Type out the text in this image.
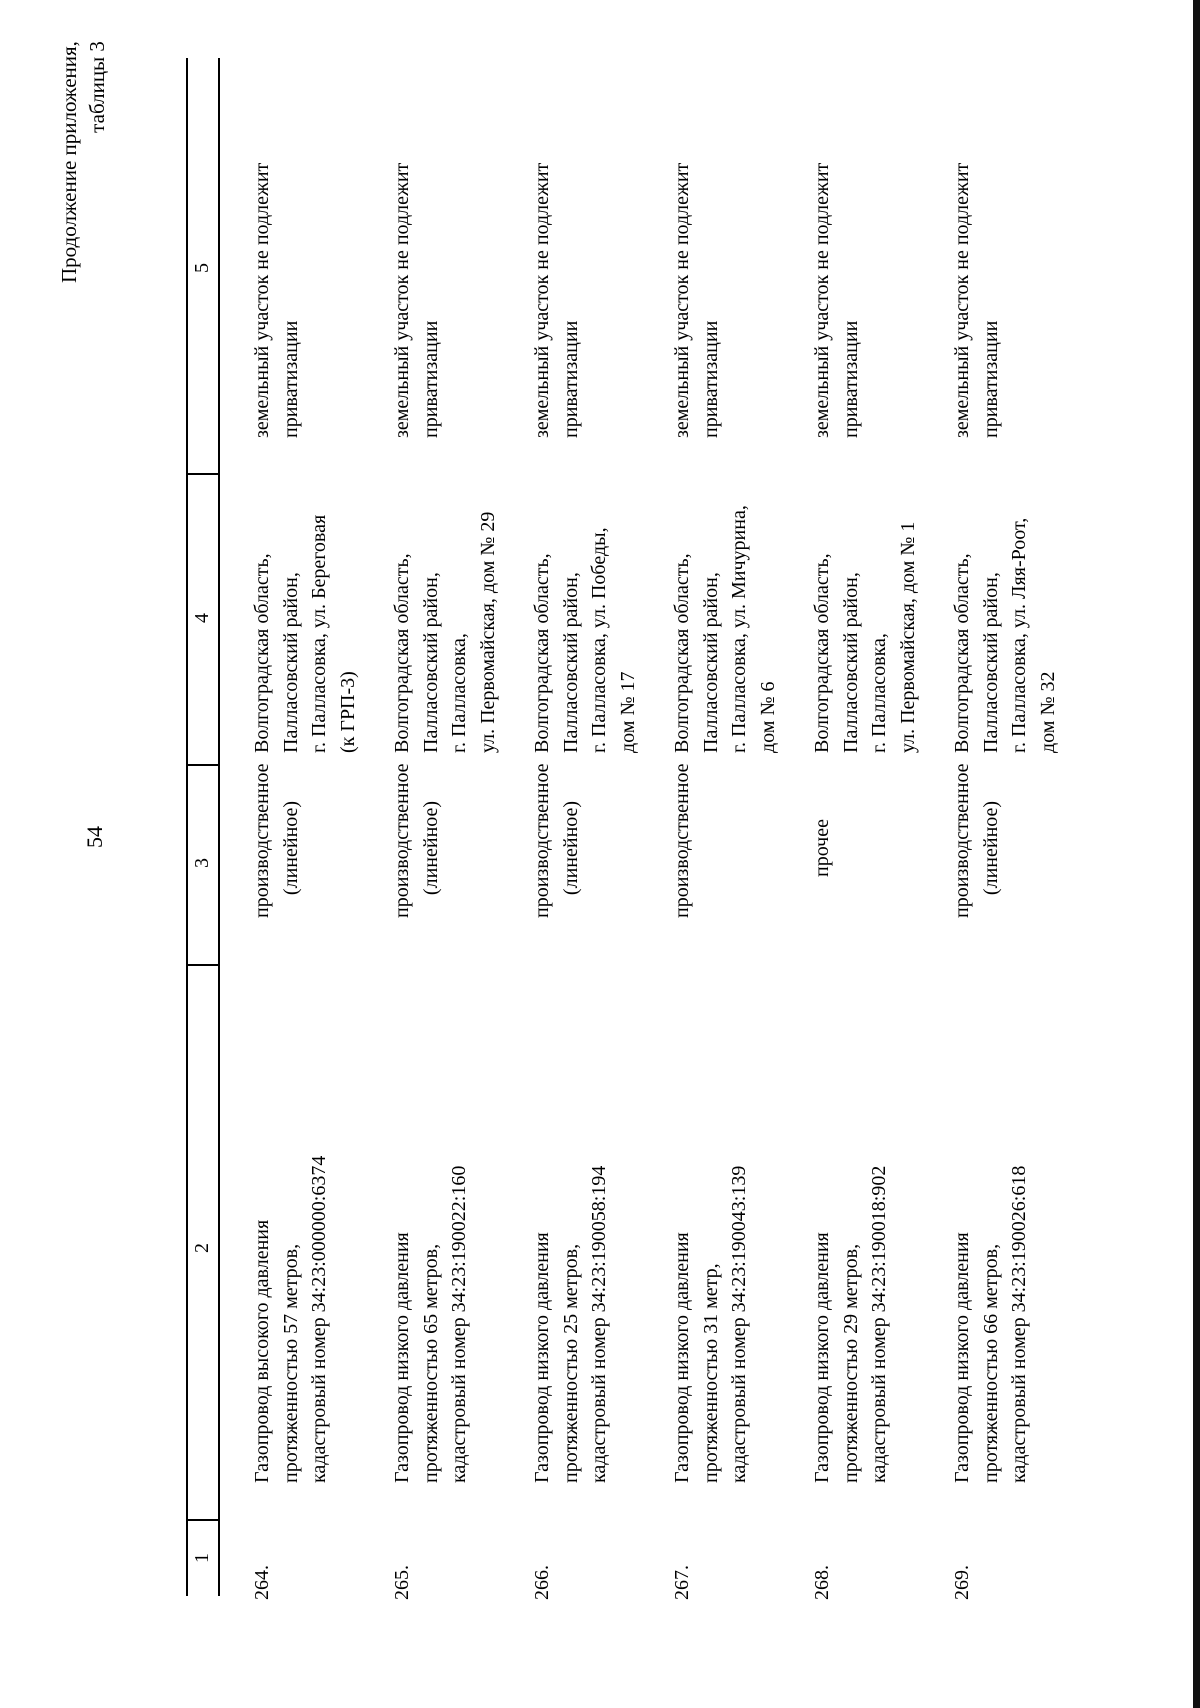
Продолжение приложения, таблицы 3
54
1
2
3
4
5
264.
Газопровод высокого давления протяженностью 57 метров, кадастровый номер 34:23:000000:6374
производственное (линейное)
Волгоградская область, Палласовский район, г. Палласовка, ул. Береговая (к ГРП-3)
земельный участок не подлежит приватизации
265.
Газопровод низкого давления протяженностью 65 метров, кадастровый номер 34:23:190022:160
производственное (линейное)
Волгоградская область, Палласовский район, г. Палласовка, ул. Первомайская, дом № 29
земельный участок не подлежит приватизации
266.
Газопровод низкого давления протяженностью 25 метров, кадастровый номер 34:23:190058:194
производственное (линейное)
Волгоградская область, Палласовский район, г. Палласовка, ул. Победы, дом № 17
земельный участок не подлежит приватизации
267.
Газопровод низкого давления протяженностью 31 метр, кадастровый номер 34:23:190043:139
производственное
Волгоградская область, Палласовский район, г. Палласовка, ул. Мичурина, дом № 6
земельный участок не подлежит приватизации
268.
Газопровод низкого давления протяженностью 29 метров, кадастровый номер 34:23:190018:902
прочее
Волгоградская область, Палласовский район, г. Палласовка, ул. Первомайская, дом № 1
земельный участок не подлежит приватизации
269.
Газопровод низкого давления протяженностью 66 метров, кадастровый номер 34:23:190026:618
производственное (линейное)
Волгоградская область, Палласовский район, г. Палласовка, ул. Ляя-Роот, дом № 32
земельный участок не подлежит приватизации
